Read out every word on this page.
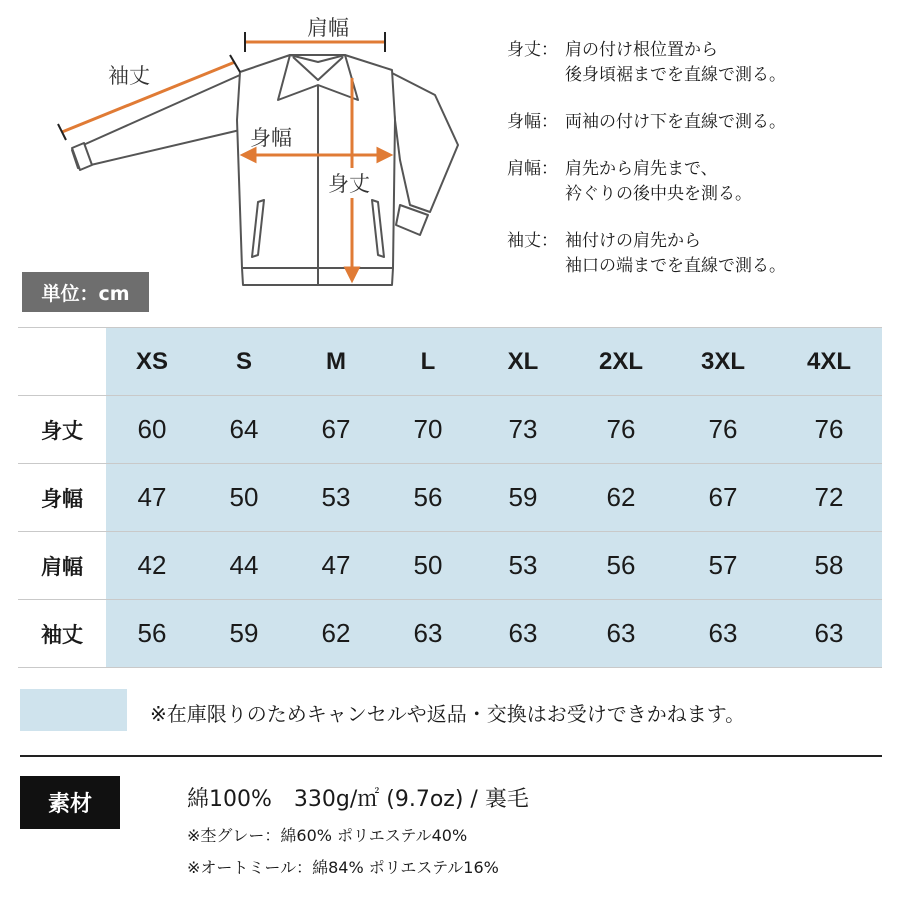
肩幅
袖丈
身幅
身丈
身丈： 肩の付け根位置から
後身頃裾までを直線で測る。
身幅： 両袖の付け下を直線で測る。
肩幅： 肩先から肩先まで、
衿ぐりの後中央を測る。
袖丈： 袖付けの肩先から
袖口の端までを直線で測る。
単位：cm
	XS	S	M	L	XL	2XL	3XL	4XL
身丈	60	64	67	70	73	76	76	76
身幅	47	50	53	56	59	62	67	72
肩幅	42	44	47	50	53	56	57	58
袖丈	56	59	62	63	63	63	63	63
※在庫限りのためキャンセルや返品・交換はお受けできかねます。
素材	綿100%　330g/㎡ (9.7oz) / 裏毛
※杢グレー：綿60% ポリエステル40%
※オートミール：綿84% ポリエステル16%
